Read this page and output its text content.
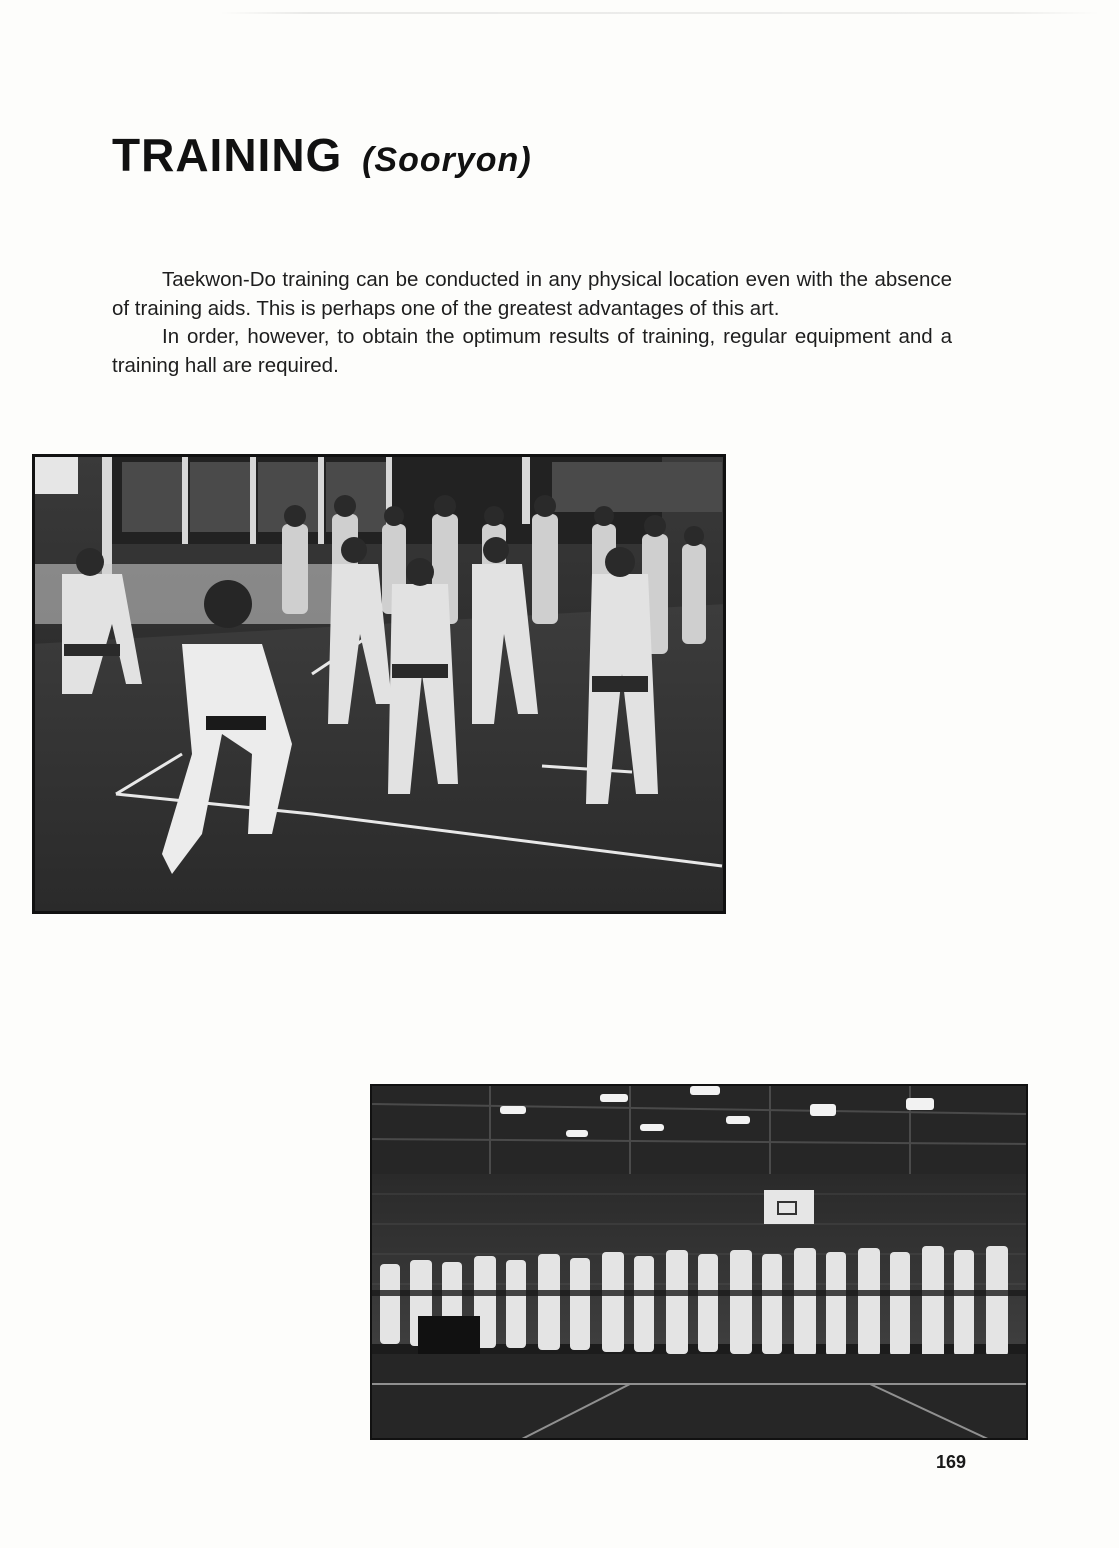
TRAINING (Sooryon)

Taekwon-Do training can be conducted in any physical location even with the absence of training aids. This is perhaps one of the greatest advantages of this art.

In order, however, to obtain the optimum results of training, regular equipment and a training hall are required.

169
